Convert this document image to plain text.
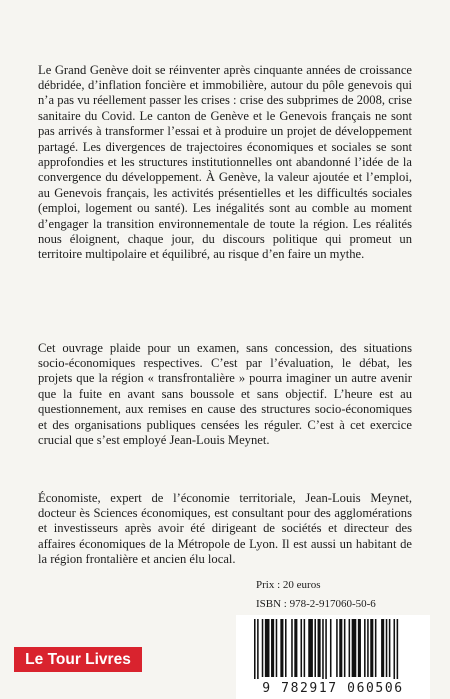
Le Grand Genève doit se réinventer après cinquante années de croissance débridée, d’inflation foncière et immobilière, autour du pôle genevois qui n’a pas vu réellement passer les crises : crise des subprimes de 2008, crise sanitaire du Covid. Le canton de Genève et le Genevois français ne sont pas arrivés à transformer l’essai et à produire un projet de développement partagé. Les divergences de trajectoires économiques et sociales se sont approfondies et les structures institutionnelles ont abandonné l’idée de la convergence du développement. À Genève, la valeur ajoutée et l’emploi, au Genevois français, les activités présentielles et les difficultés sociales (emploi, logement ou santé). Les inégalités sont au comble au moment d’engager la transition environnementale de toute la région. Les réalités nous éloignent, chaque jour, du discours politique qui promeut un territoire multipolaire et équilibré, au risque d’en faire un mythe.

Cet ouvrage plaide pour un examen, sans concession, des situations socio-économiques respectives. C’est par l’évaluation, le débat, les projets que la région « transfrontalière » pourra imaginer un autre avenir que la fuite en avant sans boussole et sans objectif. L’heure est au questionnement, aux remises en cause des structures socio-économiques et des organisations publiques censées les réguler. C’est à cet exercice crucial que s’est employé Jean-Louis Meynet.

Économiste, expert de l’économie territoriale, Jean-Louis Meynet, docteur ès Sciences économiques, est consultant pour des agglomérations et investisseurs après avoir été dirigeant de sociétés et directeur des affaires économiques de la Métropole de Lyon. Il est aussi un habitant de la région frontalière et ancien élu local.

Prix : 20 euros
ISBN : 978-2-917060-50-6
9 782917 060506
Le Tour Livres
